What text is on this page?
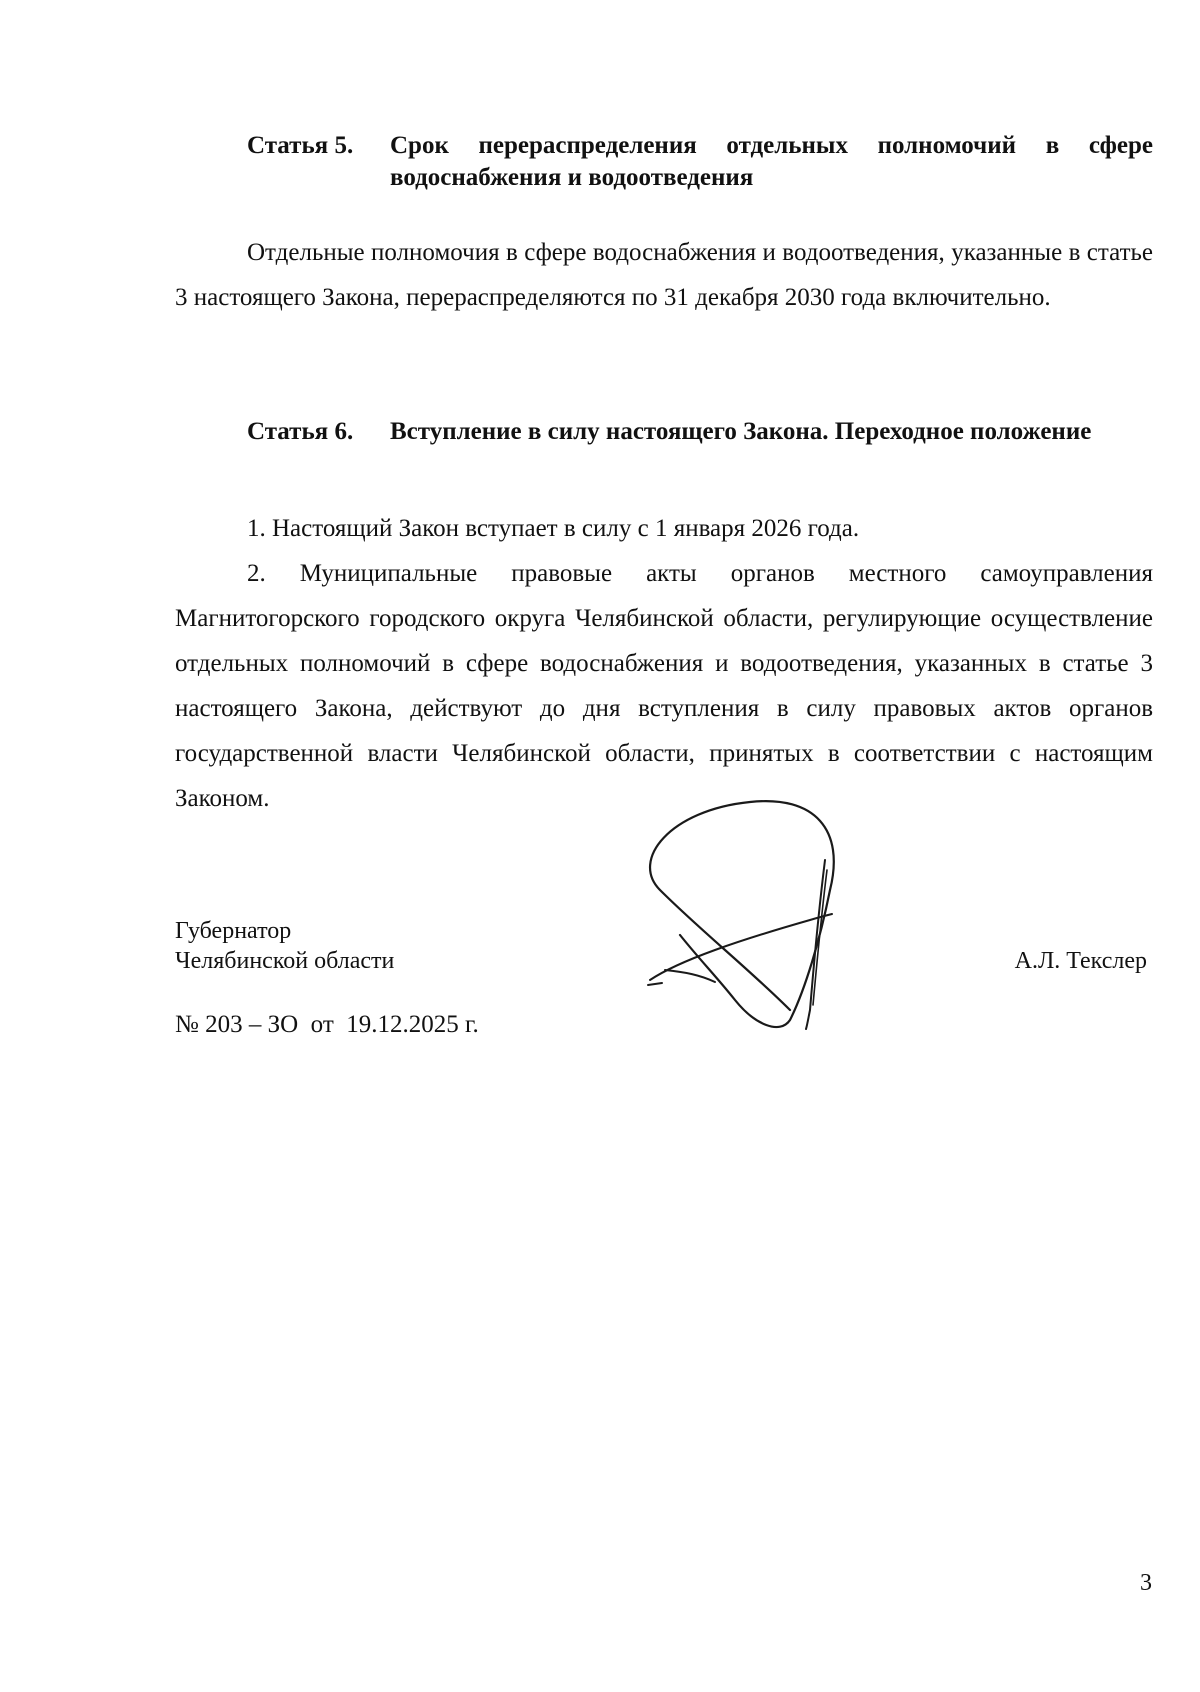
Статья 5.	Срок перераспределения отдельных полномочий в сфере водоснабжения и водоотведения
Отдельные полномочия в сфере водоснабжения и водоотведения, указанные в статье 3 настоящего Закона, перераспределяются по 31 декабря 2030 года включительно.
Статья 6.	Вступление в силу настоящего Закона. Переходное положение
1. Настоящий Закон вступает в силу с 1 января 2026 года.
2. Муниципальные правовые акты органов местного самоуправления Магнитогорского городского округа Челябинской области, регулирующие осуществление отдельных полномочий в сфере водоснабжения и водоотведения, указанных в статье 3 настоящего Закона, действуют до дня вступления в силу правовых актов органов государственной власти Челябинской области, принятых в соответствии с настоящим Законом.
Губернатор
Челябинской области	А.Л. Текслер
№ 203 – ЗО  от  19.12.2025 г.
3
